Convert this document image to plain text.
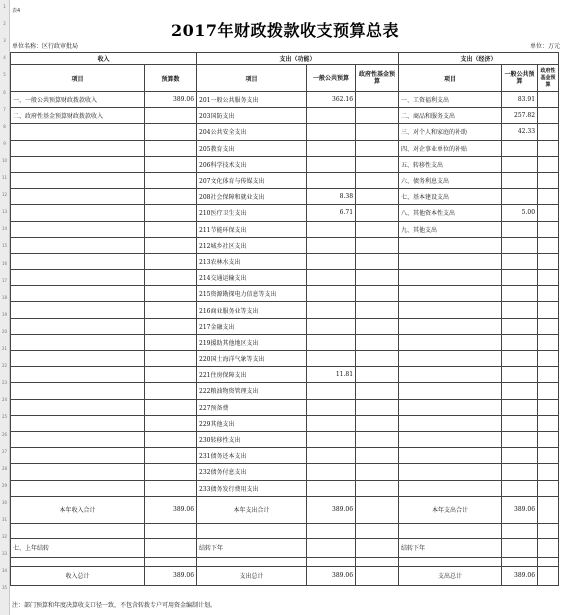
1
2
3
4
5
6
7
8
9
10
11
12
13
14
15
16
17
18
19
20
21
22
23
24
25
26
27
28
29
30
31
32
33
34
35
表4
2017年财政拨款收支预算总表
单位名称：区行政审批局	单位：万元
收入		支出（功能）			支出（经济）		
项目	预算数	项目	一般公共预算	政府性基金预算	项目	一般公共预算	政府性基金预算
一、一般公共预算财政拨款收入	389.06	201一般公共服务支出	362.16		一、工资福利支出	83.91	
二、政府性基金预算财政拨款收入		203国防支出			二、商品和服务支出	257.82	
		204公共安全支出			三、对个人和家庭的补助	42.33	
		205教育支出			四、对企事业单位的补贴		
		206科学技术支出			五、转移性支出		
		207文化体育与传媒支出			六、债务利息支出		
		208社会保障和就业支出	8.38		七、基本建设支出		
		210医疗卫生支出	6.71		八、其他资本性支出	5.00	
		211节能环保支出			九、其他支出		
		212城乡社区支出					
		213农林水支出					
		214交通运输支出					
		215资源勘探电力信息等支出					
		216商业服务业等支出					
		217金融支出					
		219援助其他地区支出					
		220国土海洋气象等支出					
		221住房保障支出	11.81				
		222粮油物资管理支出					
		227预备费					
		229其他支出					
		230转移性支出					
		231债务还本支出					
		232债务付息支出					
		233债务发行费用支出					
本年收入合计	389.06	本年支出合计	389.06		本年支出合计	389.06	

七、上年结转		结转下年			结转下年		

收入总计	389.06	支出总计	389.06		支出总计	389.06	
注：部门预算和年度决算收支口径一致，不包含转拨专户可用资金编制计划。
